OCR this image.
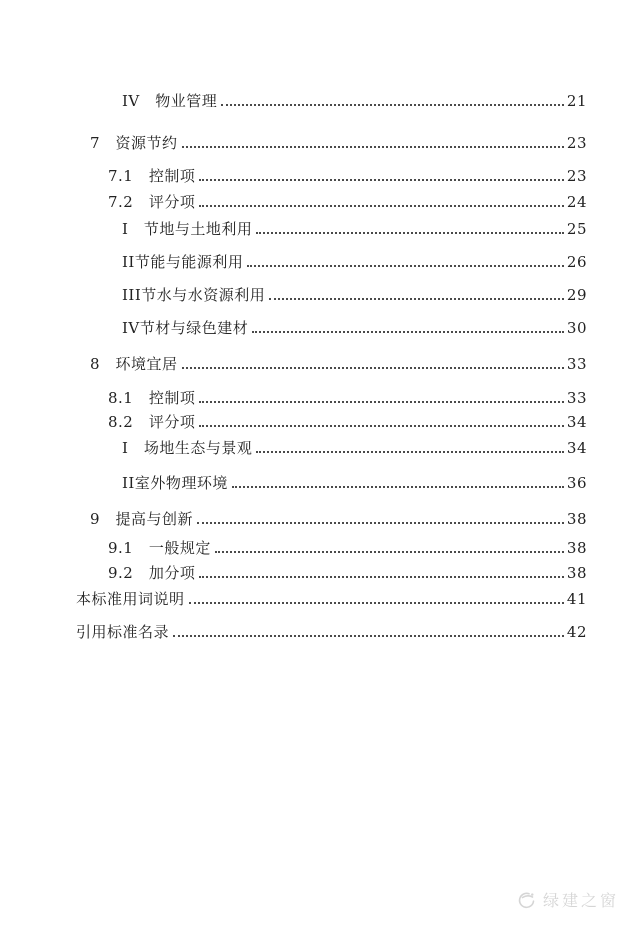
IV　物业管理	21
7　资源节约	23
7.1　控制项	23
7.2　评分项	24
I　节地与土地利用	25
II节能与能源利用	26
III节水与水资源利用	29
IV节材与绿色建材	30
8　环境宜居	33
8.1　控制项	33
8.2　评分项	34
I　场地生态与景观	34
II室外物理环境	36
9　提高与创新	38
9.1　一般规定	38
9.2　加分项	38
本标准用词说明	41
引用标准名录	42
绿建之窗
